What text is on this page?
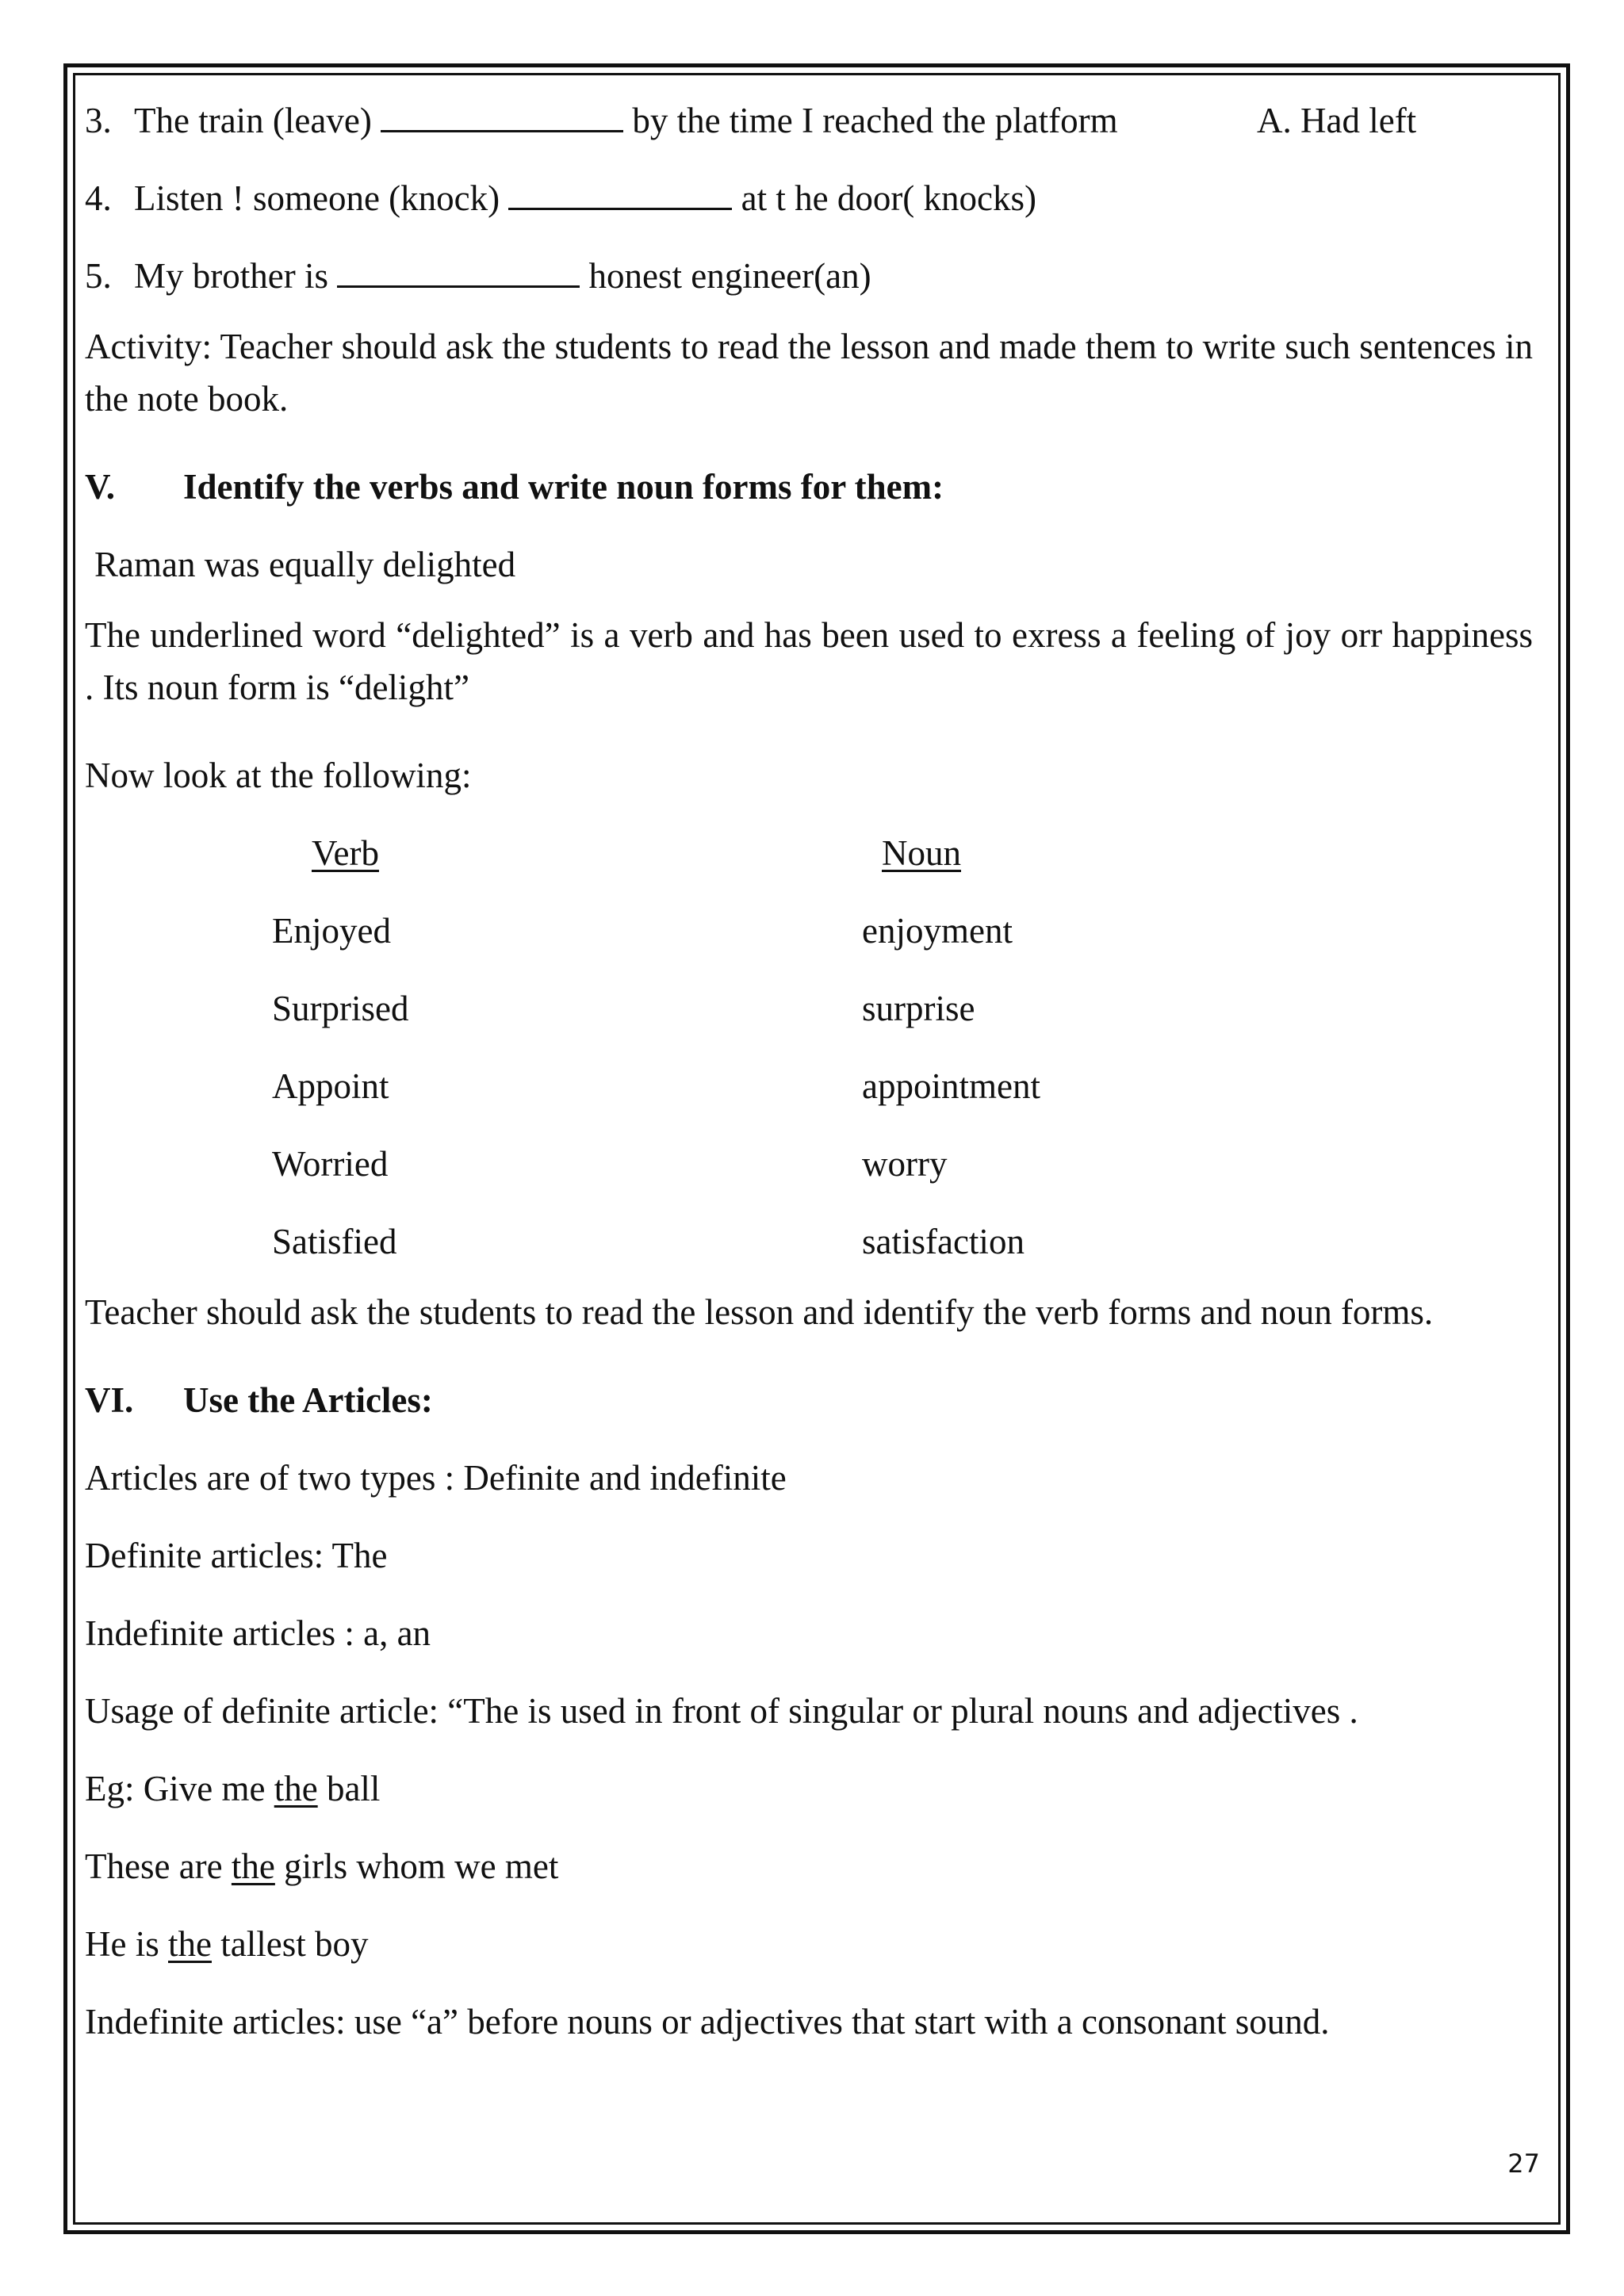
3. The train (leave)	by the time I reached the platform	A. Had left
4. Listen ! someone (knock)	at t he door( knocks)
5. My brother is	honest engineer(an)
Activity: Teacher should ask the students to read the lesson and made them to write such sentences in the note book.
V. Identify the verbs and write noun forms for them:
Raman was equally delighted
The underlined word “delighted” is a verb and has been used to exress a feeling of joy orr happiness . Its noun form is “delight”
Now look at the following:
Verb	Noun
Enjoyed	enjoyment
Surprised	surprise
Appoint	appointment
Worried	worry
Satisfied	satisfaction
Teacher should ask the students to read the lesson and identify the verb forms and noun forms.
VI. Use the Articles:
Articles are of two types : Definite and indefinite
Definite articles: The
Indefinite articles : a, an
Usage of definite article: “The is used in front of singular or plural nouns and adjectives .
Eg: Give me the ball
These are the girls whom we met
He is the tallest boy
Indefinite articles: use “a” before nouns or adjectives that start with a consonant sound.
27
